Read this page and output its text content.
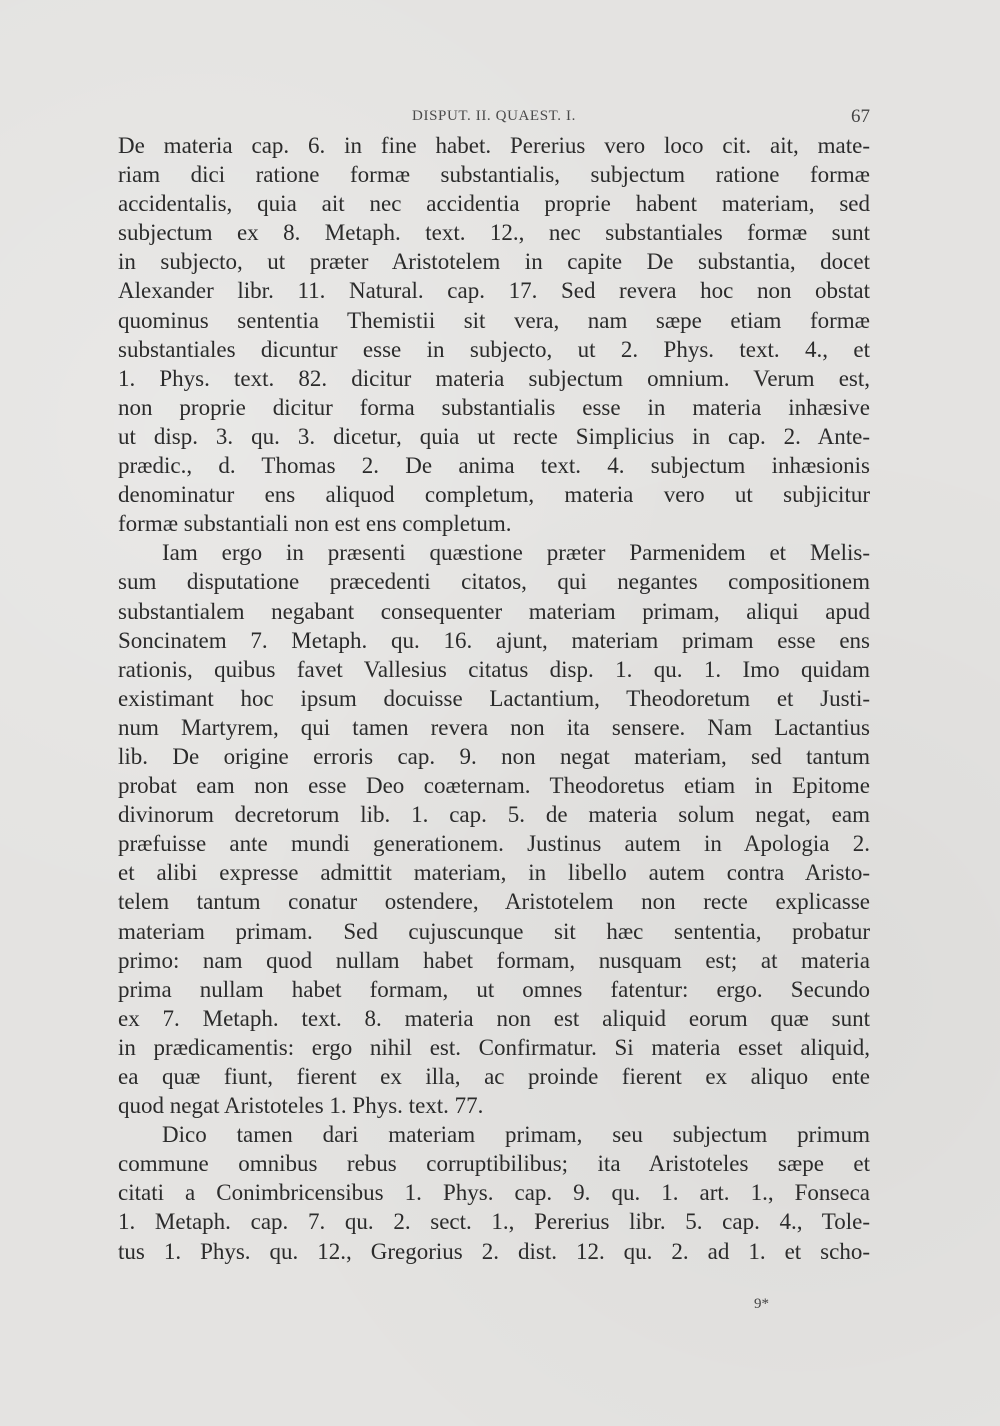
DISPUT. II. QUAEST. I.	67
De materia cap. 6. in fine habet. Pererius vero loco cit. ait, mate-
riam dici ratione formæ substantialis, subjectum ratione formæ
accidentalis, quia ait nec accidentia proprie habent materiam, sed
subjectum ex 8. Metaph. text. 12., nec substantiales formæ sunt
in subjecto, ut præter Aristotelem in capite De substantia, docet
Alexander libr. 11. Natural. cap. 17. Sed revera hoc non obstat
quominus sententia Themistii sit vera, nam sæpe etiam formæ
substantiales dicuntur esse in subjecto, ut 2. Phys. text. 4., et
1. Phys. text. 82. dicitur materia subjectum omnium. Verum est,
non proprie dicitur forma substantialis esse in materia inhæsive
ut disp. 3. qu. 3. dicetur, quia ut recte Simplicius in cap. 2. Ante-
prædic., d. Thomas 2. De anima text. 4. subjectum inhæsionis
denominatur ens aliquod completum, materia vero ut subjicitur
formæ substantiali non est ens completum.
Iam ergo in præsenti quæstione præter Parmenidem et Melis-
sum disputatione præcedenti citatos, qui negantes compositionem
substantialem negabant consequenter materiam primam, aliqui apud
Soncinatem 7. Metaph. qu. 16. ajunt, materiam primam esse ens
rationis, quibus favet Vallesius citatus disp. 1. qu. 1. Imo quidam
existimant hoc ipsum docuisse Lactantium, Theodoretum et Justi-
num Martyrem, qui tamen revera non ita sensere. Nam Lactantius
lib. De origine erroris cap. 9. non negat materiam, sed tantum
probat eam non esse Deo coæternam. Theodoretus etiam in Epitome
divinorum decretorum lib. 1. cap. 5. de materia solum negat, eam
præfuisse ante mundi generationem. Justinus autem in Apologia 2.
et alibi expresse admittit materiam, in libello autem contra Aristo-
telem tantum conatur ostendere, Aristotelem non recte explicasse
materiam primam. Sed cujuscunque sit hæc sententia, probatur
primo: nam quod nullam habet formam, nusquam est; at materia
prima nullam habet formam, ut omnes fatentur: ergo. Secundo
ex 7. Metaph. text. 8. materia non est aliquid eorum quæ sunt
in prædicamentis: ergo nihil est. Confirmatur. Si materia esset aliquid,
ea quæ fiunt, fierent ex illa, ac proinde fierent ex aliquo ente
quod negat Aristoteles 1. Phys. text. 77.
Dico tamen dari materiam primam, seu subjectum primum
commune omnibus rebus corruptibilibus; ita Aristoteles sæpe et
citati a Conimbricensibus 1. Phys. cap. 9. qu. 1. art. 1., Fonseca
1. Metaph. cap. 7. qu. 2. sect. 1., Pererius libr. 5. cap. 4., Tole-
tus 1. Phys. qu. 12., Gregorius 2. dist. 12. qu. 2. ad 1. et scho-
9*
